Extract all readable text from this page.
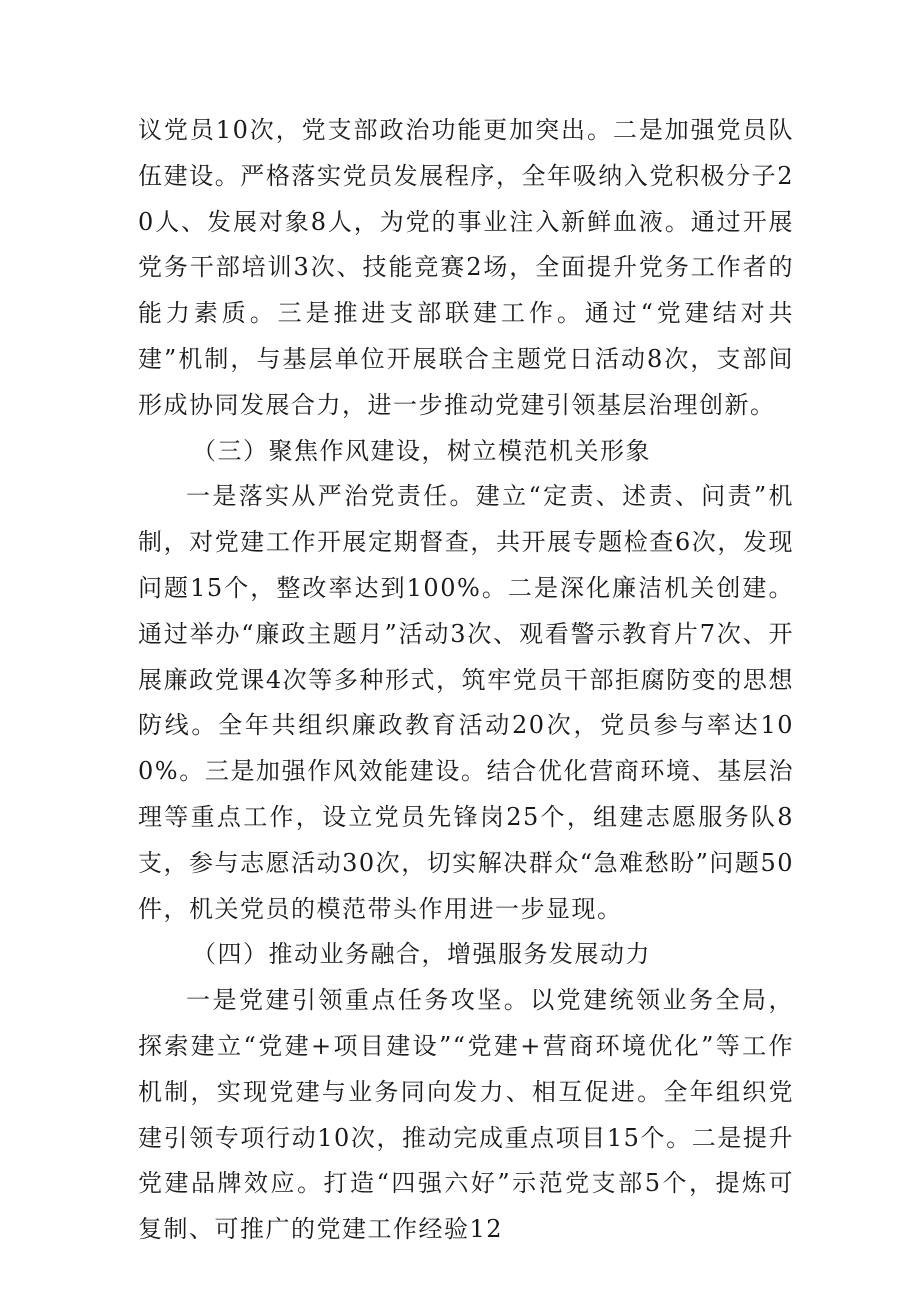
议党员10次，党支部政治功能更加突出。二是加强党员队伍建设。严格落实党员发展程序，全年吸纳入党积极分子20人、发展对象8人，为党的事业注入新鲜血液。通过开展党务干部培训3次、技能竞赛2场，全面提升党务工作者的能力素质。三是推进支部联建工作。通过“党建结对共建”机制，与基层单位开展联合主题党日活动8次，支部间形成协同发展合力，进一步推动党建引领基层治理创新。

（三）聚焦作风建设，树立模范机关形象

一是落实从严治党责任。建立“定责、述责、问责”机制，对党建工作开展定期督查，共开展专题检查6次，发现问题15个，整改率达到100%。二是深化廉洁机关创建。通过举办“廉政主题月”活动3次、观看警示教育片7次、开展廉政党课4次等多种形式，筑牢党员干部拒腐防变的思想防线。全年共组织廉政教育活动20次，党员参与率达100%。三是加强作风效能建设。结合优化营商环境、基层治理等重点工作，设立党员先锋岗25个，组建志愿服务队8支，参与志愿活动30次，切实解决群众“急难愁盼”问题50件，机关党员的模范带头作用进一步显现。

（四）推动业务融合，增强服务发展动力

一是党建引领重点任务攻坚。以党建统领业务全局，探索建立“党建+项目建设”“党建+营商环境优化”等工作机制，实现党建与业务同向发力、相互促进。全年组织党建引领专项行动10次，推动完成重点项目15个。二是提升党建品牌效应。打造“四强六好”示范党支部5个，提炼可复制、可推广的党建工作经验12
